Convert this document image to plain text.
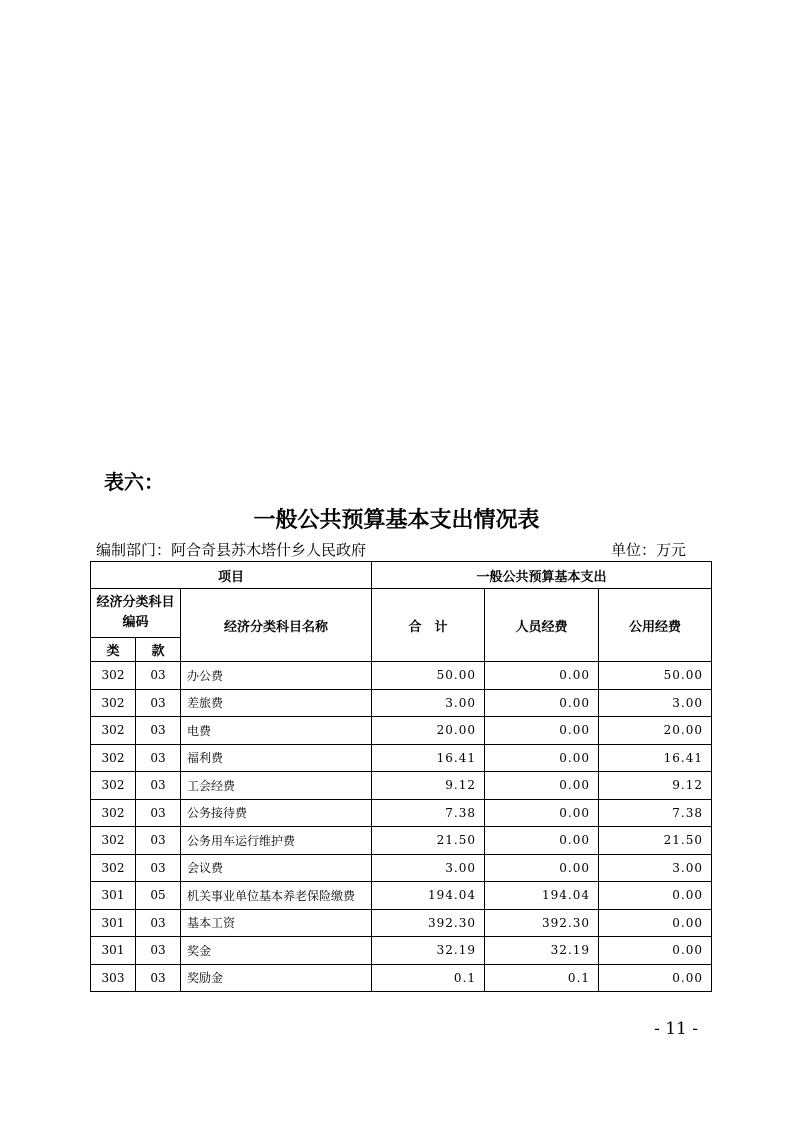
表六：
一般公共预算基本支出情况表
编制部门：阿合奇县苏木塔什乡人民政府	单位：万元
项目			一般公共预算基本支出		
经济分类科目编码		经济分类科目名称	合　计	人员经费	公用经费
类	款				
302	03	办公费	50.00	0.00	50.00
302	03	差旅费	3.00	0.00	3.00
302	03	电费	20.00	0.00	20.00
302	03	福利费	16.41	0.00	16.41
302	03	工会经费	9.12	0.00	9.12
302	03	公务接待费	7.38	0.00	7.38
302	03	公务用车运行维护费	21.50	0.00	21.50
302	03	会议费	3.00	0.00	3.00
301	05	机关事业单位基本养老保险缴费	194.04	194.04	0.00
301	03	基本工资	392.30	392.30	0.00
301	03	奖金	32.19	32.19	0.00
303	03	奖励金	0.1	0.1	0.00
- 11 -
